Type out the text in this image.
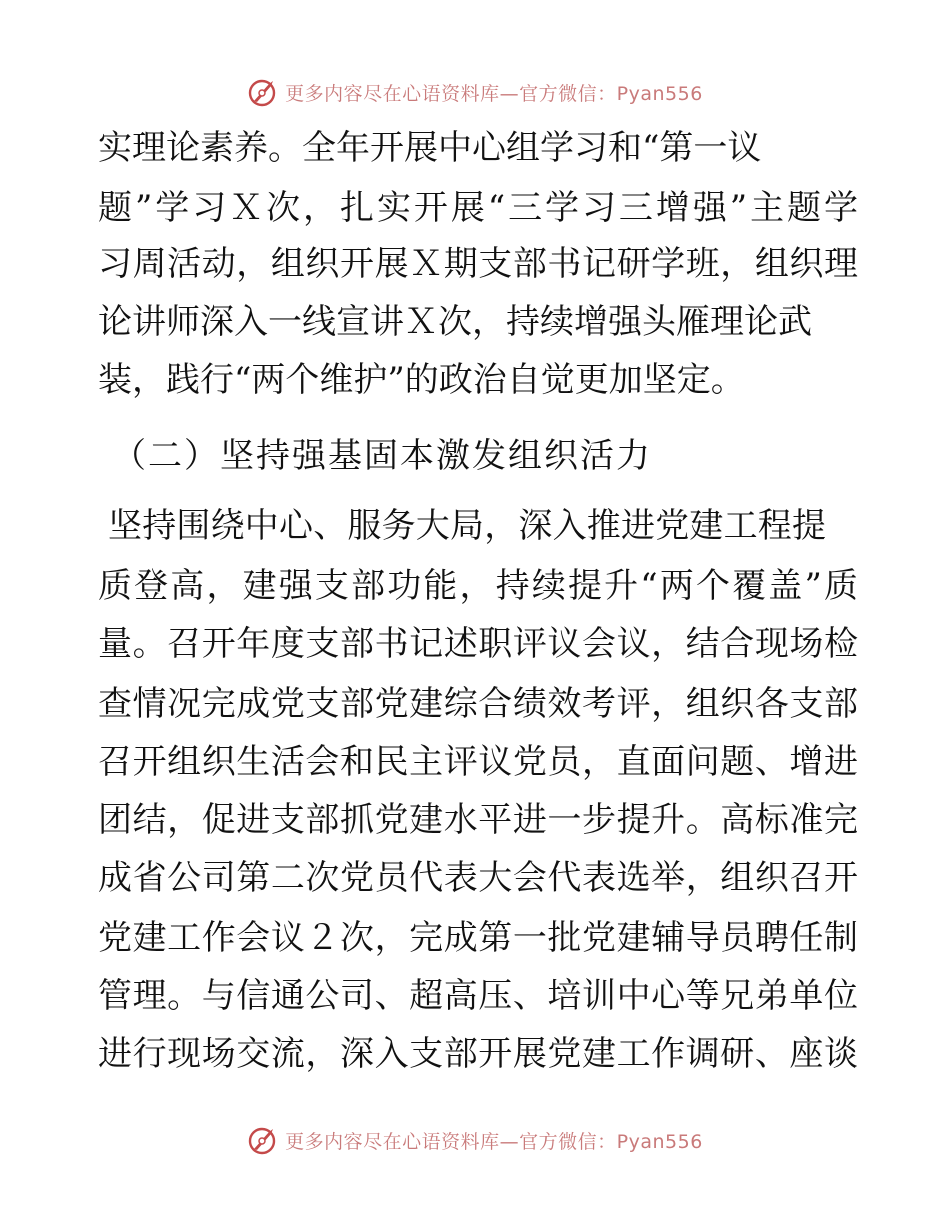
更多内容尽在心语资料库—官方微信：Pyan556
实理论素养。全年开展中心组学习和“第一议
题”学习Ｘ次，扎实开展“三学习三增强”主题学
习周活动，组织开展Ｘ期支部书记研学班，组织理
论讲师深入一线宣讲Ｘ次，持续增强头雁理论武
装，践行“两个维护”的政治自觉更加坚定。
（二）坚持强基固本激发组织活力
坚持围绕中心、服务大局，深入推进党建工程提
质登高，建强支部功能，持续提升“两个覆盖”质
量。召开年度支部书记述职评议会议，结合现场检
查情况完成党支部党建综合绩效考评，组织各支部
召开组织生活会和民主评议党员，直面问题、增进
团结，促进支部抓党建水平进一步提升。高标准完
成省公司第二次党员代表大会代表选举，组织召开
党建工作会议２次，完成第一批党建辅导员聘任制
管理。与信通公司、超高压、培训中心等兄弟单位
进行现场交流，深入支部开展党建工作调研、座谈
更多内容尽在心语资料库—官方微信：Pyan556
